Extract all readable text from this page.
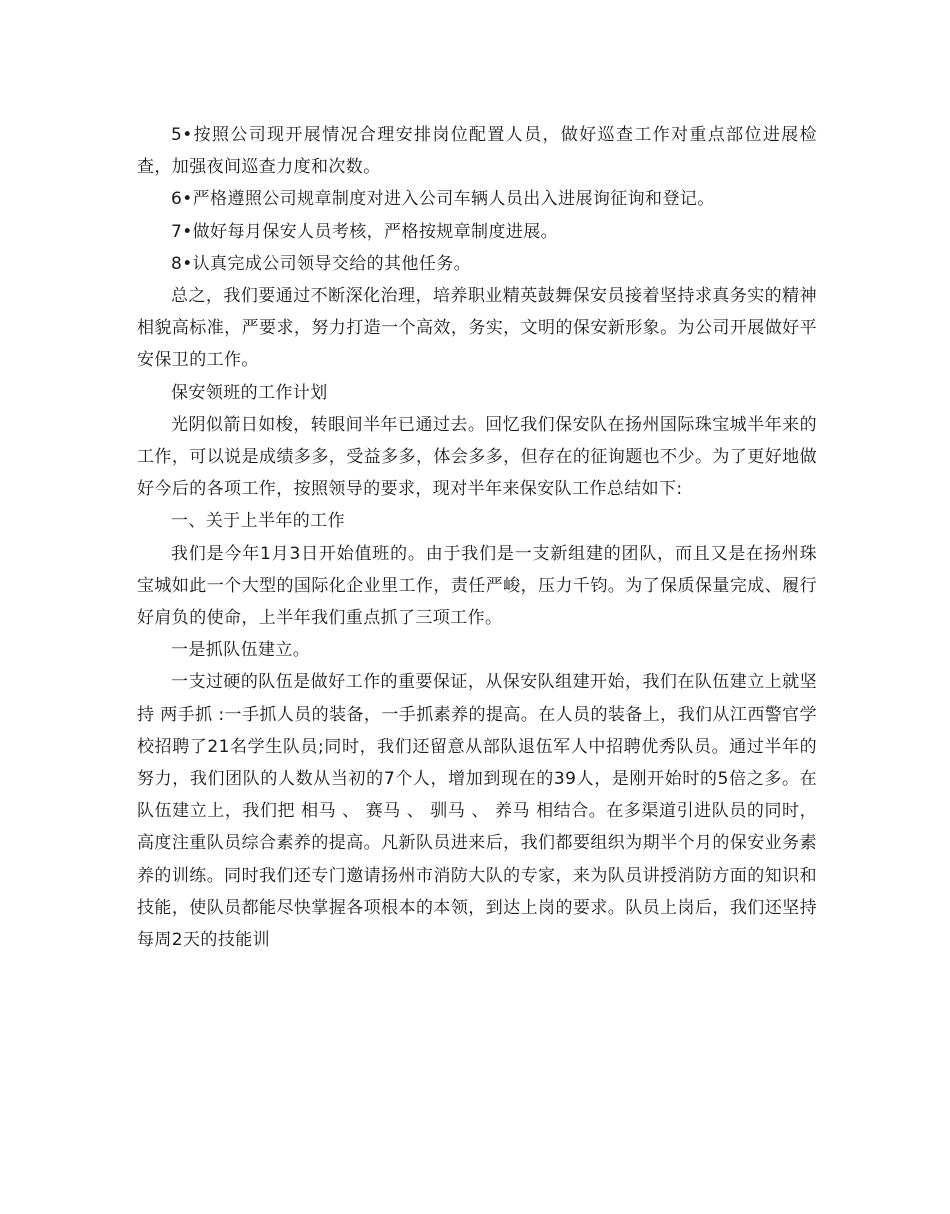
5•按照公司现开展情况合理安排岗位配置人员，做好巡查工作对重点部位进展检查，加强夜间巡查力度和次数。

6•严格遵照公司规章制度对进入公司车辆人员出入进展询征询和登记。

7•做好每月保安人员考核，严格按规章制度进展。

8•认真完成公司领导交给的其他任务。

总之，我们要通过不断深化治理，培养职业精英鼓舞保安员接着坚持求真务实的精神相貌高标准，严要求，努力打造一个高效，务实，文明的保安新形象。为公司开展做好平安保卫的工作。

保安领班的工作计划

光阴似箭日如梭，转眼间半年已通过去。回忆我们保安队在扬州国际珠宝城半年来的工作，可以说是成绩多多，受益多多，体会多多，但存在的征询题也不少。为了更好地做好今后的各项工作，按照领导的要求，现对半年来保安队工作总结如下:

一、关于上半年的工作

我们是今年1月3日开始值班的。由于我们是一支新组建的团队，而且又是在扬州珠宝城如此一个大型的国际化企业里工作，责任严峻，压力千钧。为了保质保量完成、履行好肩负的使命，上半年我们重点抓了三项工作。

一是抓队伍建立。

一支过硬的队伍是做好工作的重要保证，从保安队组建开始，我们在队伍建立上就坚持 两手抓 :一手抓人员的装备，一手抓素养的提高。在人员的装备上，我们从江西警官学校招聘了21名学生队员;同时，我们还留意从部队退伍军人中招聘优秀队员。通过半年的努力，我们团队的人数从当初的7个人，增加到现在的39人，是刚开始时的5倍之多。在队伍建立上，我们把 相马 、 赛马 、 驯马 、 养马 相结合。在多渠道引进队员的同时，高度注重队员综合素养的提高。凡新队员进来后，我们都要组织为期半个月的保安业务素养的训练。同时我们还专门邀请扬州市消防大队的专家，来为队员讲授消防方面的知识和技能，使队员都能尽快掌握各项根本的本领，到达上岗的要求。队员上岗后，我们还坚持每周2天的技能训
